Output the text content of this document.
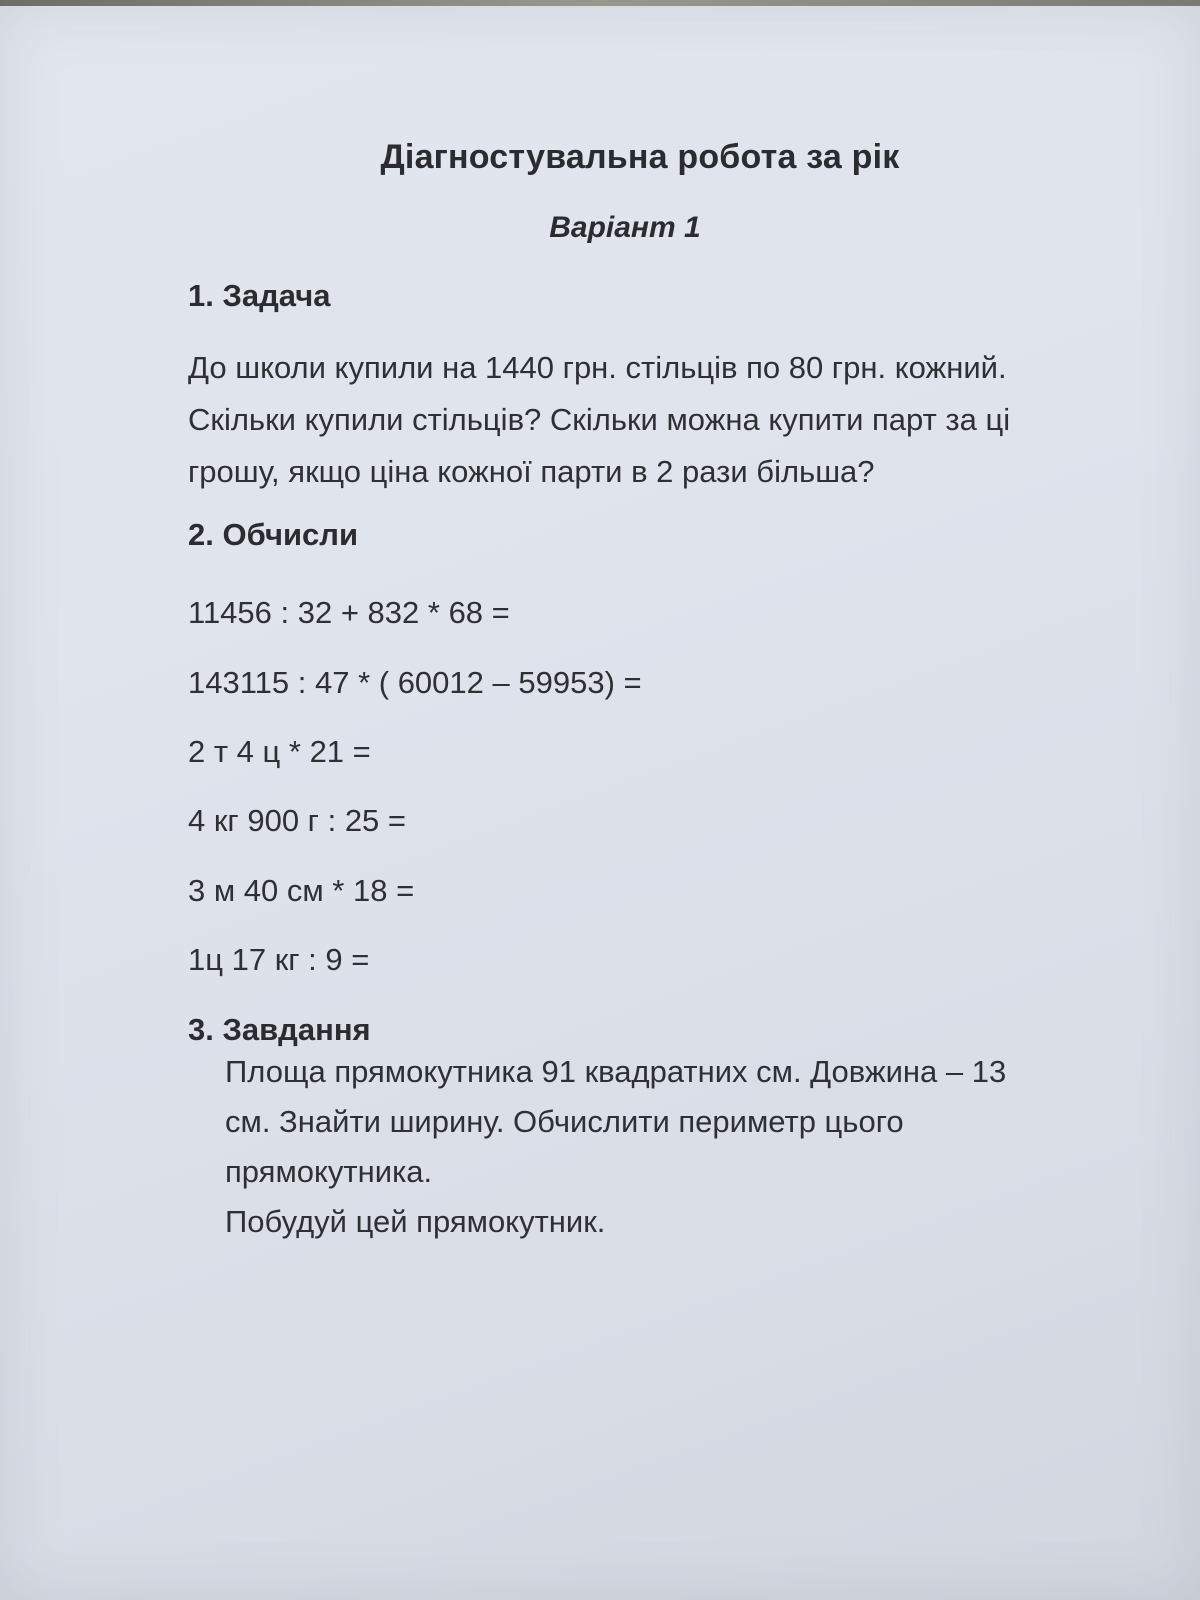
Діагностувальна робота за рік
Варіант 1
1. Задача
До школи купили на 1440 грн. стільців по 80 грн. кожний.
Скільки купили стільців? Скільки можна купити парт за ці
грошу, якщо ціна кожної парти в 2 рази більша?
2. Обчисли
11456 : 32 + 832 * 68 =
143115 : 47 * ( 60012 – 59953) =
2 т 4 ц * 21 =
4 кг 900 г : 25 =
3 м 40 см * 18 =
1ц 17 кг : 9 =
3. Завдання
Площа прямокутника 91 квадратних см. Довжина – 13
см. Знайти ширину. Обчислити периметр цього
прямокутника.
Побудуй цей прямокутник.
